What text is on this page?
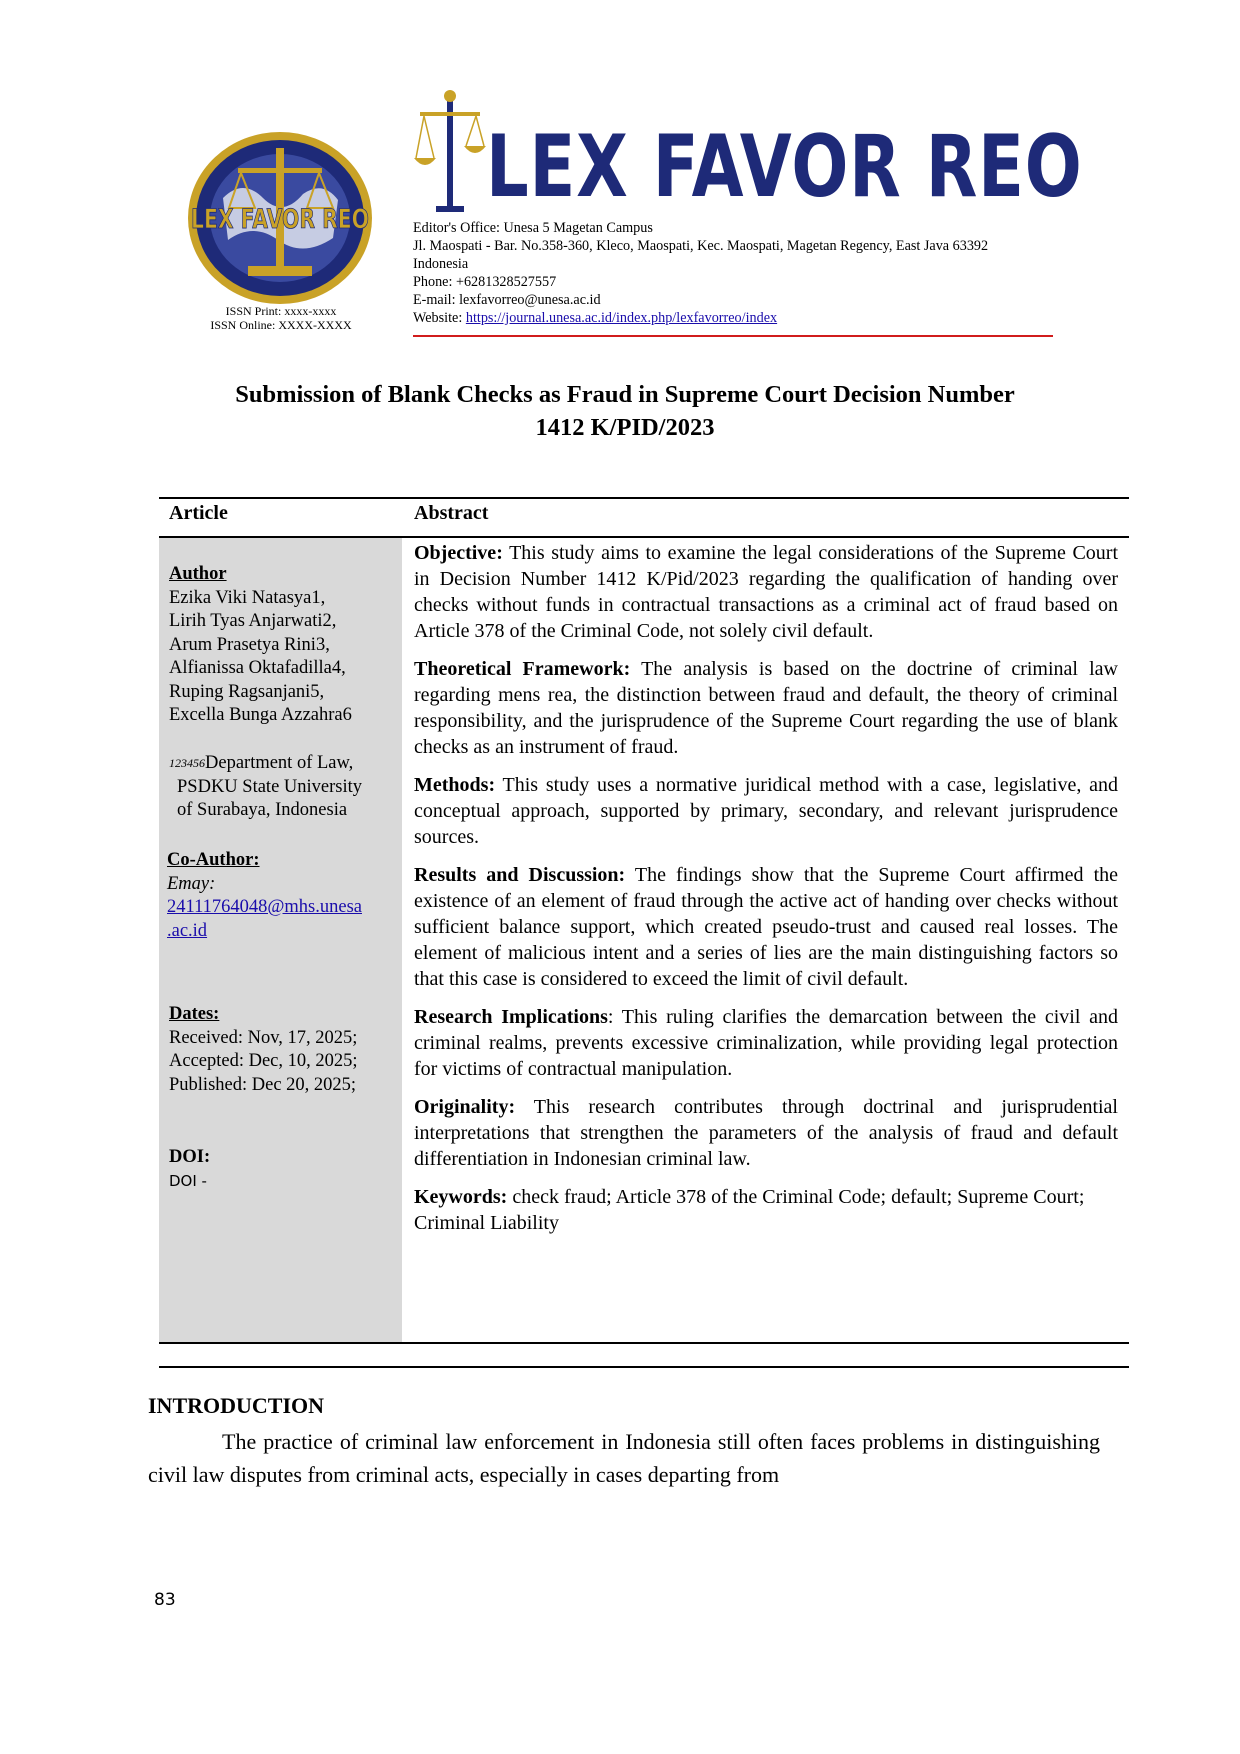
LEX FAVOR REO
ISSN Print: xxxx-xxxx
ISSN Online: XXXX-XXXX
LEX FAVOR REO
Editor's Office: Unesa 5 Magetan Campus
Jl. Maospati - Bar. No.358-360, Kleco, Maospati, Kec. Maospati, Magetan Regency, East Java 63392
Indonesia
Phone: +6281328527557
E-mail: lexfavorreo@unesa.ac.id
Website: https://journal.unesa.ac.id/index.php/lexfavorreo/index
Submission of Blank Checks as Fraud in Supreme Court Decision Number
1412 K/PID/2023
Article	Abstract
Author
Ezika Viki Natasya1,
Lirih Tyas Anjarwati2,
Arum Prasetya Rini3,
Alfianissa Oktafadilla4,
Ruping Ragsanjani5,
Excella Bunga Azzahra6
$^{123456}$Department of Law,
PSDKU State University
of Surabaya, Indonesia
Co-Author:
Emay:
24111764048@mhs.unesa
.ac.id
Dates:
Received: Nov, 17, 2025;
Accepted: Dec, 10, 2025;
Published: Dec 20, 2025;
DOI:
DOI -

Objective: This study aims to examine the legal considerations of the Supreme Court in Decision Number 1412 K/Pid/2023 regarding the qualification of handing over checks without funds in contractual transactions as a criminal act of fraud based on Article 378 of the Criminal Code, not solely civil default.

Theoretical Framework: The analysis is based on the doctrine of criminal law regarding mens rea, the distinction between fraud and default, the theory of criminal responsibility, and the jurisprudence of the Supreme Court regarding the use of blank checks as an instrument of fraud.

Methods: This study uses a normative juridical method with a case, legislative, and conceptual approach, supported by primary, secondary, and relevant jurisprudence sources.

Results and Discussion: The findings show that the Supreme Court affirmed the existence of an element of fraud through the active act of handing over checks without sufficient balance support, which created pseudo-trust and caused real losses. The element of malicious intent and a series of lies are the main distinguishing factors so that this case is considered to exceed the limit of civil default.

Research Implications: This ruling clarifies the demarcation between the civil and criminal realms, prevents excessive criminalization, while providing legal protection for victims of contractual manipulation.

Originality: This research contributes through doctrinal and jurisprudential interpretations that strengthen the parameters of the analysis of fraud and default differentiation in Indonesian criminal law.

Keywords: check fraud; Article 378 of the Criminal Code; default; Supreme Court; Criminal Liability

INTRODUCTION
The practice of criminal law enforcement in Indonesia still often faces problems in distinguishing civil law disputes from criminal acts, especially in cases departing from
83
